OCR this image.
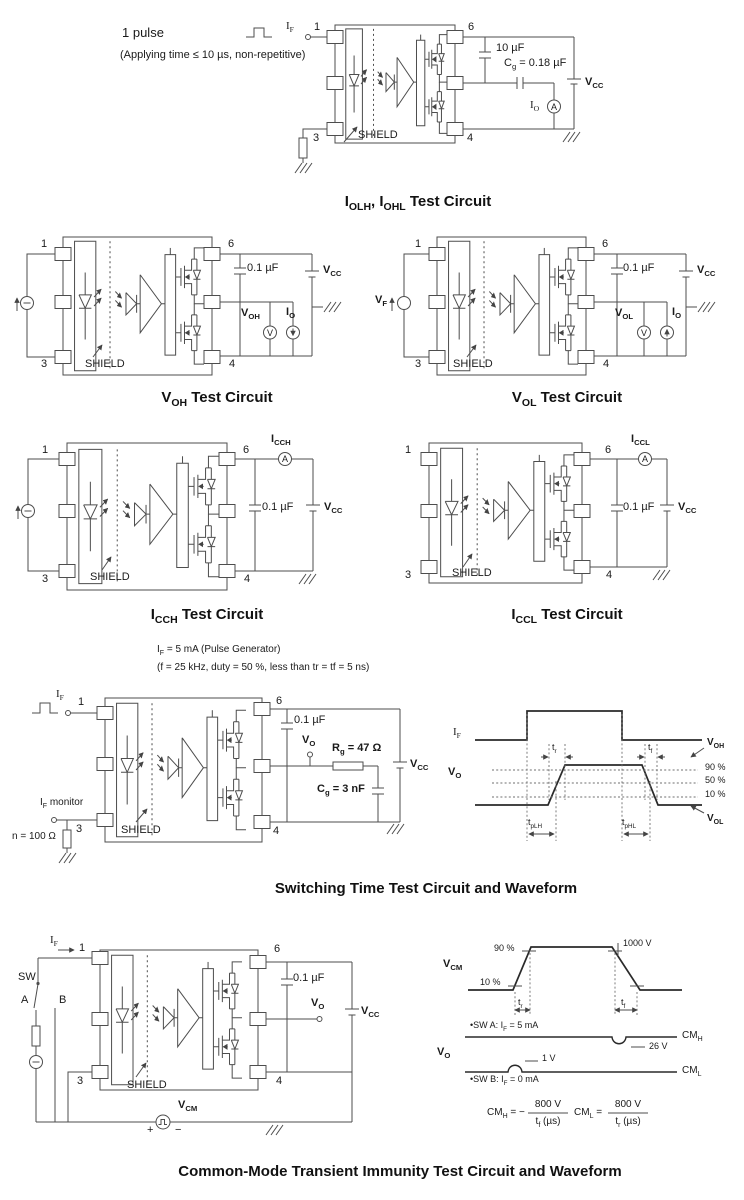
1 pulse
(Applying time ≤ 10 µs, non-repetitive)
$I_F$ 1	6
3	4
SHIELD
10 µF
$C_g = 0.18$ µF
$I_O$ A
$V_{CC}$
$I_{OLH}$, $I_{OHL}$ Test Circuit
1
3
6
4
SHIELD
0.1 µF
$V_{OH}$
V
$I_O$
$V_{CC}$
$V_{OH}$ Test Circuit
$V_F$
1
3
6
4
SHIELD
0.1 µF
$V_{OL}$
V
$I_O$
$V_{CC}$
$V_{OL}$ Test Circuit
1
3
6
4
SHIELD
$I_{CCH}$
A
0.1 µF	$V_{CC}$
$I_{CCH}$ Test Circuit
1
3
6
4
SHIELD
$I_{CCL}$
A
0.1 µF $V_{CC}$
$I_{CCL}$ Test Circuit
$I_F = 5$ mA (Pulse Generator)
(f = 25 kHz, duty = 50 %, less than tr = tf = 5 ns)
$I_F$ 1
$I_F$ monitor
n = 100 Ω
3	SHIELD
6
4
0.1 µF
$V_O$ $R_g = 47$ Ω
$C_g = 3$ nF
$V_{CC}$
Switching Time Test Circuit and Waveform
$I_F$
$V_O$
$t_r$	$t_f$
$V_{OH}$
90 %
50 %
10 %
$V_{OL}$
$t_{pLH}$	$t_{pHL}$
$I_F$ 1
SW
A	B
3	SHIELD
6
4
0.1 µF
$V_O$	$V_{CC}$
$V_{CM}$
+ −
Common-Mode Transient Immunity Test Circuit and Waveform
$V_{CM}$
90 %
10 %
1000 V
$t_r$	$t_f$
•SW A: $I_F = 5$ mA
$CM_H$
26 V
$V_O$	1 V
$CM_L$
•SW B: $I_F = 0$ mA
$CM_H$ = −
800 V
$t_f$ (µs)
$CM_L$ =
800 V
$t_r$ (µs)
